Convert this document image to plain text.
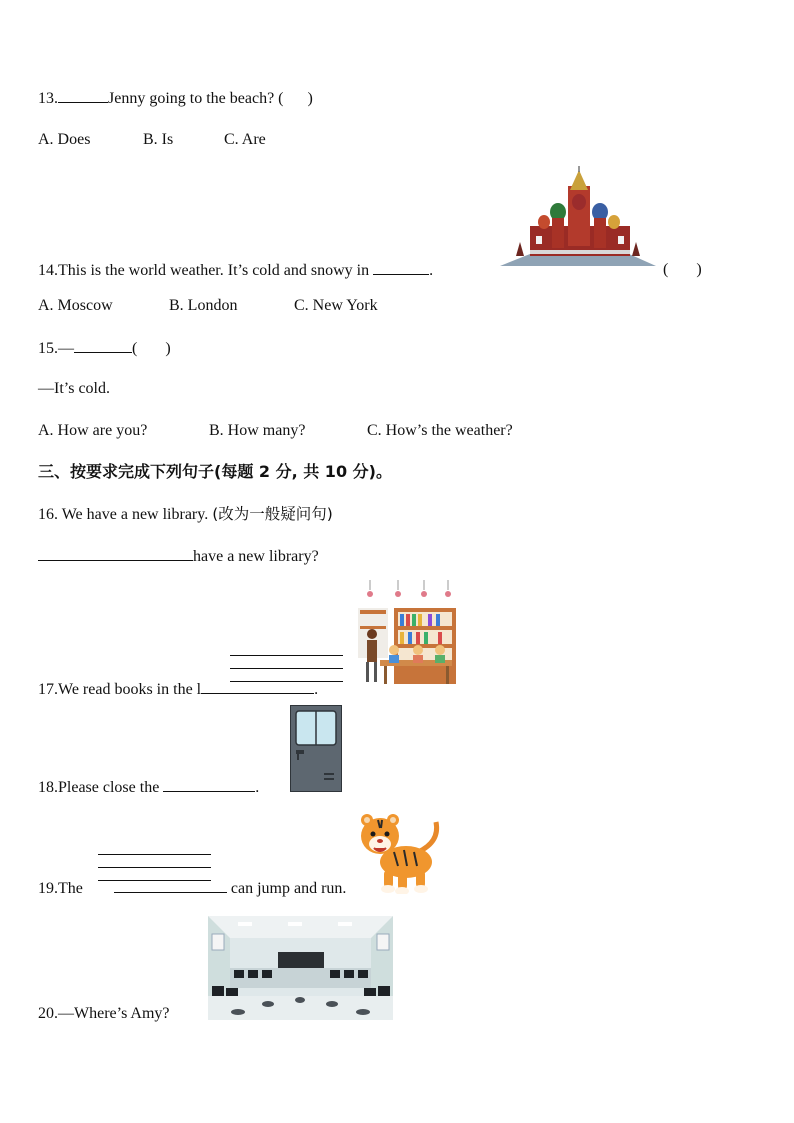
13.	Jenny going to the beach? ( )
A. Does	B. Is	C. Are
14.This is the world weather. It’s cold and snowy in	.	( )
A. Moscow	B. London	C. New York
15.—	( )
—It’s cold.
A. How are you?	B. How many?	C. How’s the weather?
三、按要求完成下列句子(每题 2 分, 共 10 分)。
16. We have a new library. (改为一般疑问句)
have a new library?
17.We read books in the l	.
18.Please close the	.
19.The	can jump and run.
20.—Where’s Amy?
